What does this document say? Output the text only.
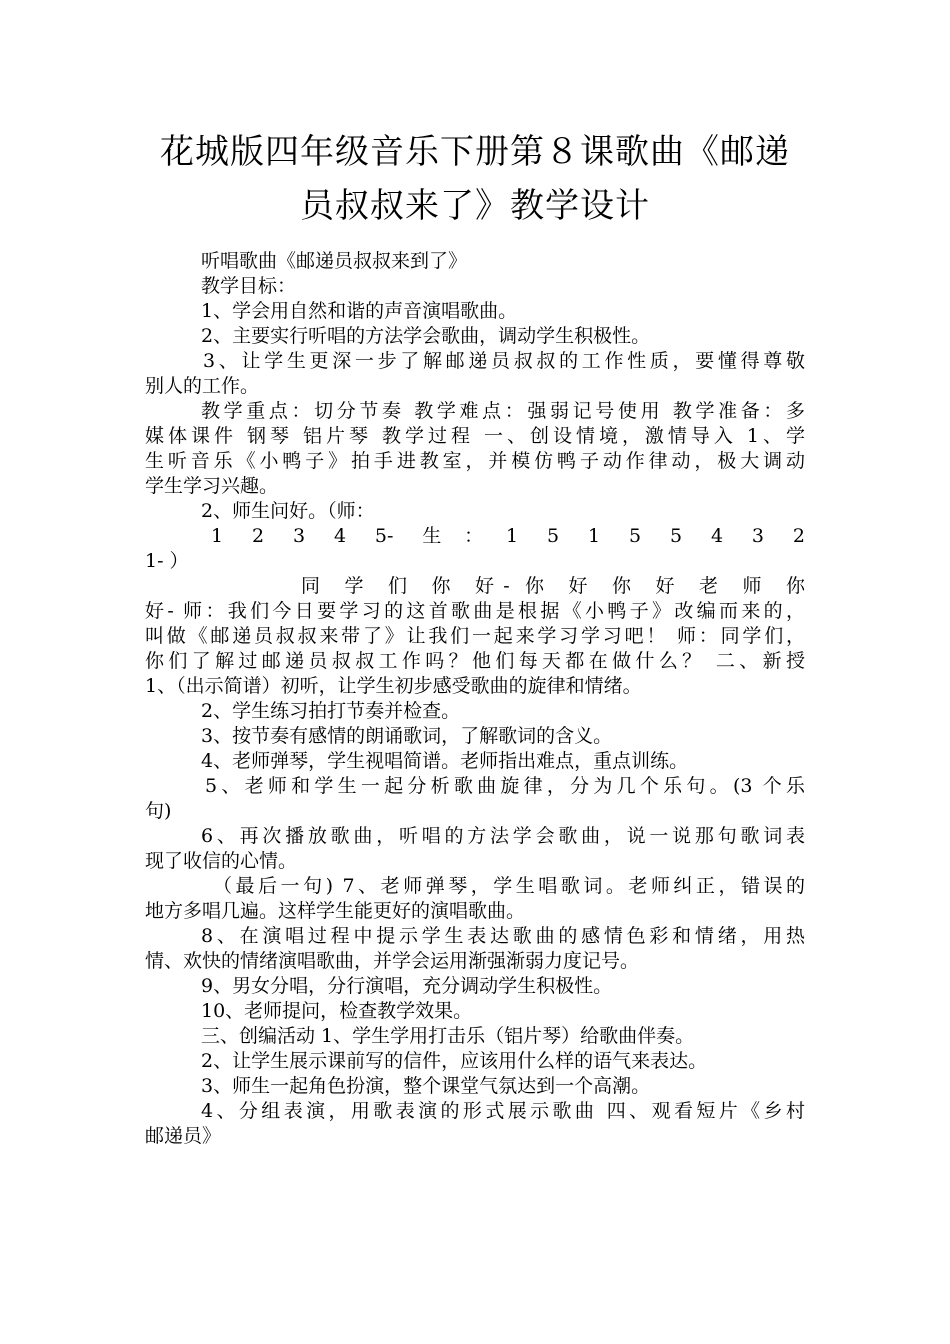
花城版四年级音乐下册第８课歌曲《邮递
员叔叔来了》教学设计
听唱歌曲《邮递员叔叔来到了》
教学目标：
1、学会用自然和谐的声音演唱歌曲。
2、主要实行听唱的方法学会歌曲，调动学生积极性。
3、让学生更深一步了解邮递员叔叔的工作性质，要懂得尊敬
别人的工作。
教学重点：切分节奏 教学难点：强弱记号使用 教学准备：多
媒体课件 钢琴 铝片琴 教学过程 一、创设情境，激情导入 1、学
生听音乐《小鸭子》拍手进教室，并模仿鸭子动作律动，极大调动
学生学习兴趣。
2、师生问好。（师：
1 2 3 4 5- 生：1 5 1 5 5 4 3 2
1- ）
同 学 们 你 好- 你 好 你 好 老 师 你
好- 师：我们今日要学习的这首歌曲是根据《小鸭子》改编而来的，
叫做《邮递员叔叔来带了》让我们一起来学习学习吧！ 师：同学们，
你们了解过邮递员叔叔工作吗？他们每天都在做什么？ 二、新授
1、（出示简谱）初听，让学生初步感受歌曲的旋律和情绪。
2、学生练习拍打节奏并检查。
3、按节奏有感情的朗诵歌词，了解歌词的含义。
4、老师弹琴，学生视唱简谱。老师指出难点，重点训练。
5、老师和学生一起分析歌曲旋律，分为几个乐句。(3 个乐
句)
6、再次播放歌曲，听唱的方法学会歌曲，说一说那句歌词表
现了收信的心情。
（最后一句) 7、老师弹琴，学生唱歌词。老师纠正，错误的
地方多唱几遍。这样学生能更好的演唱歌曲。
8、在演唱过程中提示学生表达歌曲的感情色彩和情绪，用热
情、欢快的情绪演唱歌曲，并学会运用渐强渐弱力度记号。
9、男女分唱，分行演唱，充分调动学生积极性。
10、老师提问，检查教学效果。
三、创编活动 1、学生学用打击乐（铝片琴）给歌曲伴奏。
2、让学生展示课前写的信件，应该用什么样的语气来表达。
3、师生一起角色扮演，整个课堂气氛达到一个高潮。
4、分组表演，用歌表演的形式展示歌曲 四、观看短片《乡村
邮递员》
